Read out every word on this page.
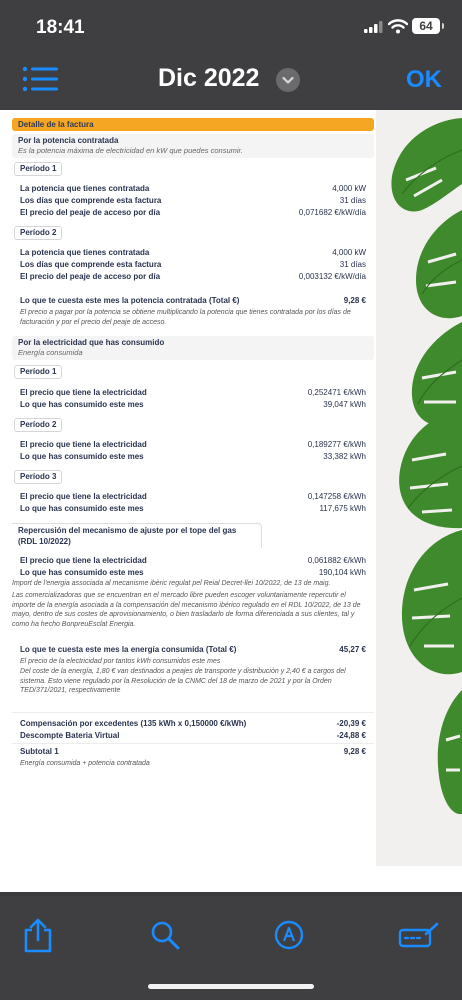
18:41	64
Dic 2022	OK
Detalle de la factura
Por la potencia contratada
Es la potencia máxima de electricidad en kW que puedes consumir.
Período 1
La potencia que tienes contratada	4,000 kW
Los días que comprende esta factura	31 días
El precio del peaje de acceso por día	0,071682 €/kW/día
Período 2
La potencia que tienes contratada	4,000 kW
Los días que comprende esta factura	31 días
El precio del peaje de acceso por día	0,003132 €/kW/día
Lo que te cuesta este mes la potencia contratada (Total €)	9,28 €
El precio a pagar por la potencia se obtiene multiplicando la potencia que tienes contratada por los días de facturación y por el precio del peaje de acceso.
Por la electricidad que has consumido
Energía consumida
Período 1
El precio que tiene la electricidad	0,252471 €/kWh
Lo que has consumido este mes	39,047 kWh
Período 2
El precio que tiene la electricidad	0,189277 €/kWh
Lo que has consumido este mes	33,382 kWh
Período 3
El precio que tiene la electricidad	0,147258 €/kWh
Lo que has consumido este mes	117,675 kWh
Repercusión del mecanismo de ajuste por el tope del gas (RDL 10/2022)
El precio que tiene la electricidad	0,061882 €/kWh
Lo que has consumido este mes	190,104 kWh
Import de l'energia associada al mecanisme ibèric regulat pel Reial Decret-llei 10/2022, de 13 de maig.
Las comercializadoras que se encuentran en el mercado libre pueden escoger voluntariamente repercutir el importe de la energía asociada a la compensación del mecanismo ibérico regulado en el RDL 10/2022, de 13 de mayo, dentro de sus costes de aprovisionamiento, o bien trasladarlo de forma diferenciada a sus clientes, tal y como ha hecho BonpreuEsclat Energia.
Lo que te cuesta este mes la energía consumida (Total €)	45,27 €
El precio de la electricidad por tantos kWh consumidos este mes
Del coste de la energía, 1,80 € van destinados a peajes de transporte y distribución y 2,40 € a cargos del sistema. Esto viene regulado por la Resolución de la CNMC del 18 de marzo de 2021 y por la Orden TED/371/2021, respectivamente
Compensación por excedentes (135 kWh x 0,150000 €/kWh)	-20,39 €
Descompte Bateria Virtual	-24,88 €
Subtotal 1	9,28 €
Energía consumida + potencia contratada
